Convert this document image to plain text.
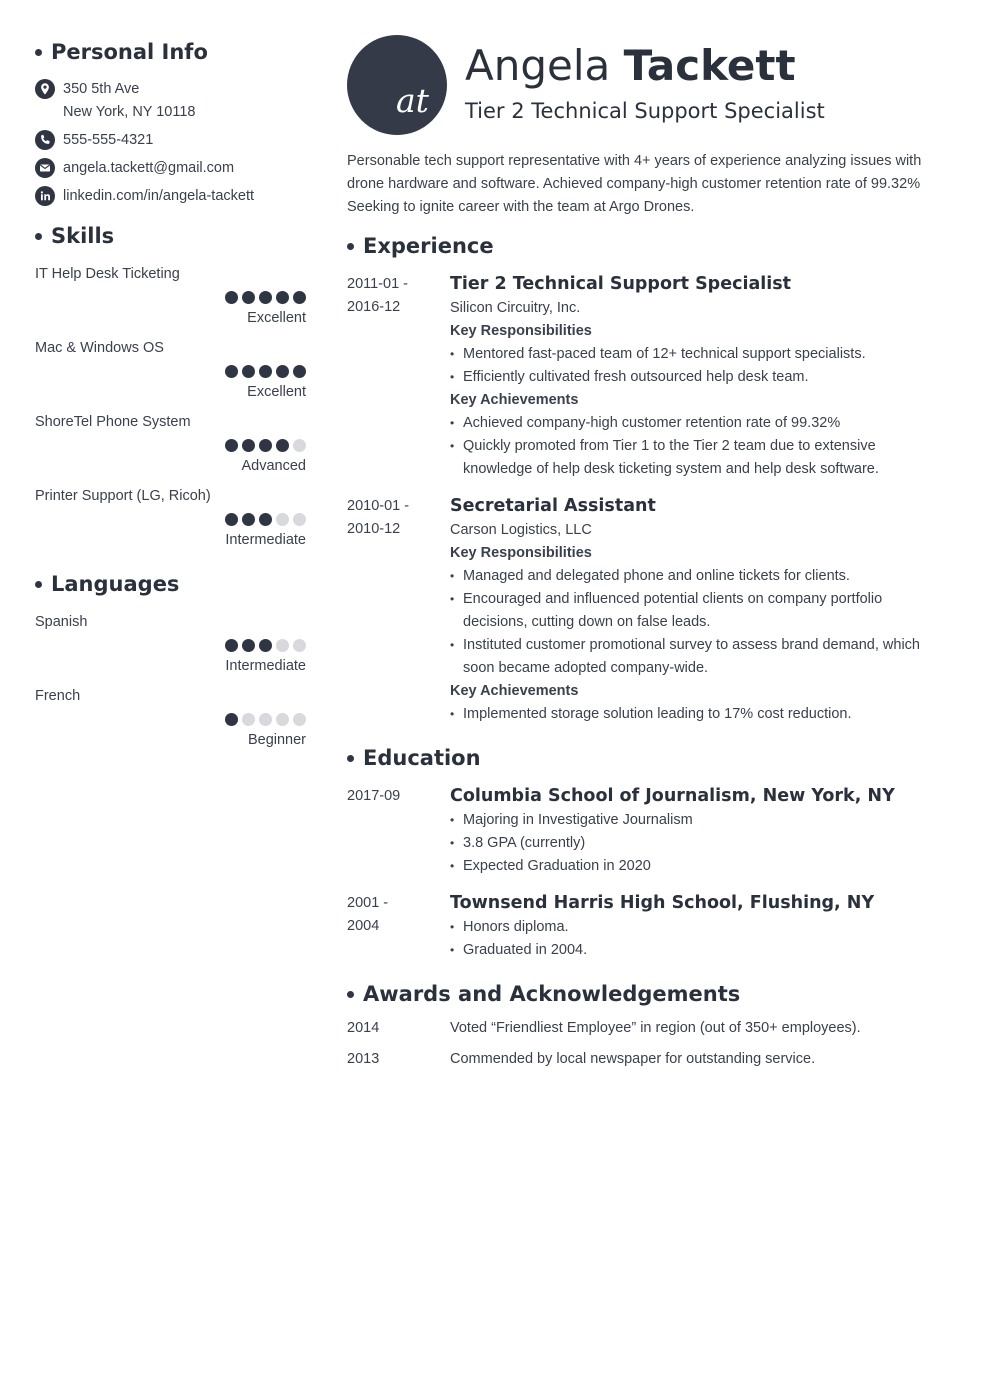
Personal Info
350 5th Ave
New York, NY 10118
555-555-4321
angela.tackett@gmail.com
linkedin.com/in/angela-tackett
Skills
IT Help Desk Ticketing
Excellent
Mac & Windows OS
Excellent
ShoreTel Phone System
Advanced
Printer Support (LG, Ricoh)
Intermediate
Languages
Spanish
Intermediate
French
Beginner
at
Angela Tackett
Tier 2 Technical Support Specialist
Personable tech support representative with 4+ years of experience analyzing issues with drone hardware and software. Achieved company-high customer retention rate of 99.32% Seeking to ignite career with the team at Argo Drones.
Experience
2011-01 -
2016-12
Tier 2 Technical Support Specialist
Silicon Circuitry, Inc.
Key Responsibilities
• Mentored fast-paced team of 12+ technical support specialists.
• Efficiently cultivated fresh outsourced help desk team.
Key Achievements
• Achieved company-high customer retention rate of 99.32%
• Quickly promoted from Tier 1 to the Tier 2 team due to extensive knowledge of help desk ticketing system and help desk software.
2010-01 -
2010-12
Secretarial Assistant
Carson Logistics, LLC
Key Responsibilities
• Managed and delegated phone and online tickets for clients.
• Encouraged and influenced potential clients on company portfolio decisions, cutting down on false leads.
• Instituted customer promotional survey to assess brand demand, which soon became adopted company-wide.
Key Achievements
• Implemented storage solution leading to 17% cost reduction.
Education
2017-09	Columbia School of Journalism, New York, NY
• Majoring in Investigative Journalism
• 3.8 GPA (currently)
• Expected Graduation in 2020
2001 -
2004
Townsend Harris High School, Flushing, NY
• Honors diploma.
• Graduated in 2004.
Awards and Acknowledgements
2014	Voted “Friendliest Employee” in region (out of 350+ employees).
2013	Commended by local newspaper for outstanding service.
